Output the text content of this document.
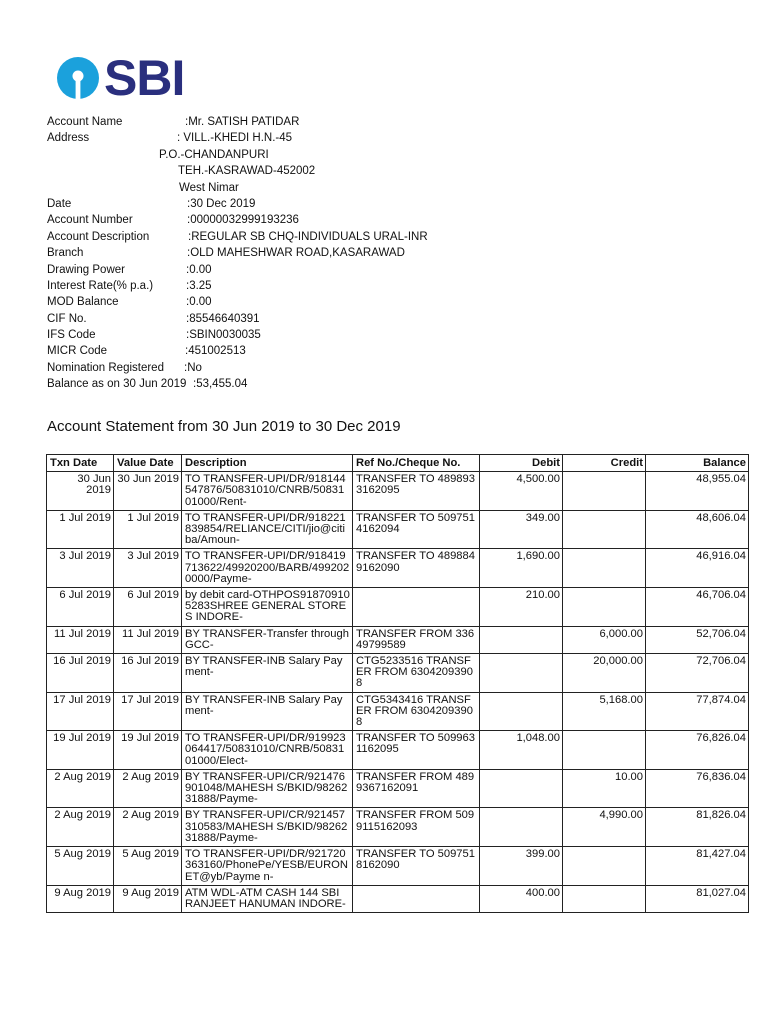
SBI
Account Name	:Mr. SATISH PATIDAR
Address	: VILL.-KHEDI H.N.-45
P.O.-CHANDANPURI
TEH.-KASRAWAD-452002
West Nimar
Date	:30 Dec 2019
Account Number	:00000032999193236
Account Description	:REGULAR SB CHQ-INDIVIDUALS URAL-INR
Branch	:OLD MAHESHWAR ROAD,KASARAWAD
Drawing Power	:0.00
Interest Rate(% p.a.)	:3.25
MOD Balance	:0.00
CIF No.	:85546640391
IFS Code	:SBIN0030035
MICR Code	:451002513
Nomination Registered :No
Balance as on 30 Jun 2019 :53,455.04
Account Statement from 30 Jun 2019 to 30 Dec 2019
Txn Date	Value Date	Description	Ref No./Cheque No.	Debit	Credit	Balance
30 Jun 2019	30 Jun 2019	TO TRANSFER-UPI/DR/918144547876/50831010/CNRB/5083101000/Rent-	TRANSFER TO 4898933162095	4,500.00		48,955.04
1 Jul 2019	1 Jul 2019	TO TRANSFER-UPI/DR/918221839854/RELIANCE/CITI/jio@citiba/Amoun-	TRANSFER TO 5097514162094	349.00		48,606.04
3 Jul 2019	3 Jul 2019	TO TRANSFER-UPI/DR/918419713622/49920200/BARB/4992020000/Payme-	TRANSFER TO 4898849162090	1,690.00		46,916.04
6 Jul 2019	6 Jul 2019	by debit card-OTHPOS918709105283SHREE GENERAL STORES INDORE-		210.00		46,706.04
11 Jul 2019	11 Jul 2019	BY TRANSFER-Transfer through GCC-	TRANSFER FROM 33649799589		6,000.00	52,706.04
16 Jul 2019	16 Jul 2019	BY TRANSFER-INB Salary Payment-	CTG5233516 TRANSFER FROM 63042093908		20,000.00	72,706.04
17 Jul 2019	17 Jul 2019	BY TRANSFER-INB Salary Payment-	CTG5343416 TRANSFER FROM 63042093908		5,168.00	77,874.04
19 Jul 2019	19 Jul 2019	TO TRANSFER-UPI/DR/919923064417/50831010/CNRB/5083101000/Elect-	TRANSFER TO 5099631162095	1,048.00		76,826.04
2 Aug 2019	2 Aug 2019	BY TRANSFER-UPI/CR/921476901048/MAHESH S/BKID/9826231888/Payme-	TRANSFER FROM 4899367162091		10.00	76,836.04
2 Aug 2019	2 Aug 2019	BY TRANSFER-UPI/CR/921457310583/MAHESH S/BKID/9826231888/Payme-	TRANSFER FROM 5099115162093		4,990.00	81,826.04
5 Aug 2019	5 Aug 2019	TO TRANSFER-UPI/DR/921720363160/PhonePe/YESB/EURONET@yb/Payme n-	TRANSFER TO 5097518162090	399.00		81,427.04
9 Aug 2019	9 Aug 2019	ATM WDL-ATM CASH 144 SBI RANJEET HANUMAN INDORE-		400.00		81,027.04
